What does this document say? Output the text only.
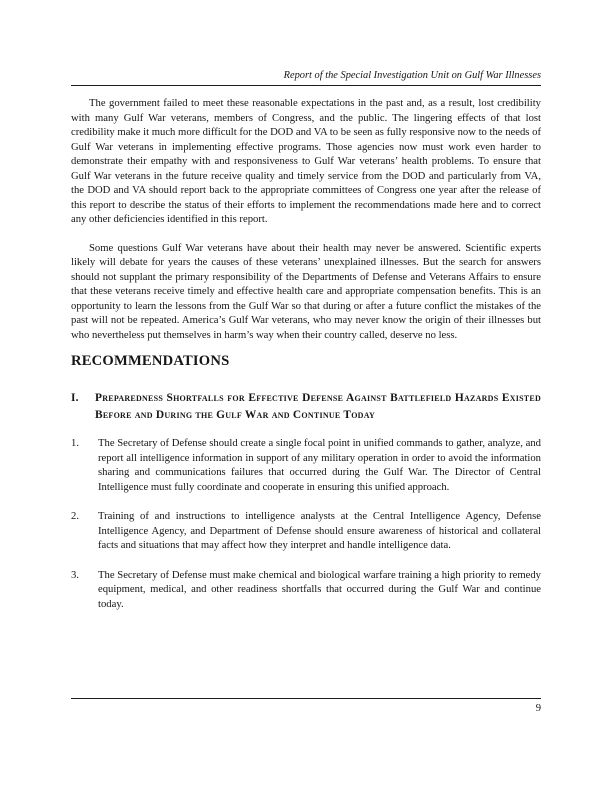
Report of the Special Investigation Unit on Gulf War Illnesses

The government failed to meet these reasonable expectations in the past and, as a result, lost credibility with many Gulf War veterans, members of Congress, and the public. The lingering effects of that lost credibility make it much more difficult for the DOD and VA to be seen as fully responsive now to the needs of Gulf War veterans in implementing effective programs. Those agencies now must work even harder to demonstrate their empathy with and responsiveness to Gulf War veterans’ health problems. To ensure that Gulf War veterans in the future receive quality and timely service from the DOD and particularly from VA, the DOD and VA should report back to the appropriate committees of Congress one year after the release of this report to describe the status of their efforts to implement the recommendations made here and to correct any other deficiencies identified in this report.

Some questions Gulf War veterans have about their health may never be answered. Scientific experts likely will debate for years the causes of these veterans’ unexplained illnesses. But the search for answers should not supplant the primary responsibility of the Departments of Defense and Veterans Affairs to ensure that these veterans receive timely and effective health care and appropriate compensation benefits. This is an opportunity to learn the lessons from the Gulf War so that during or after a future conflict the mistakes of the past will not be repeated. America’s Gulf War veterans, who may never know the origin of their illnesses but who nevertheless put themselves in harm’s way when their country called, deserve no less.

RECOMMENDATIONS
I. Preparedness Shortfalls for Effective Defense Against Battlefield Hazards Existed Before and During the Gulf War and Continue Today
1. The Secretary of Defense should create a single focal point in unified commands to gather, analyze, and report all intelligence information in support of any military operation in order to avoid the information sharing and communications failures that occurred during the Gulf War. The Director of Central Intelligence must fully coordinate and cooperate in ensuring this unified approach.
2. Training of and instructions to intelligence analysts at the Central Intelligence Agency, Defense Intelligence Agency, and Department of Defense should ensure awareness of historical and collateral facts and situations that may affect how they interpret and handle intelligence data.
3. The Secretary of Defense must make chemical and biological warfare training a high priority to remedy equipment, medical, and other readiness shortfalls that occurred during the Gulf War and continue today.
9
